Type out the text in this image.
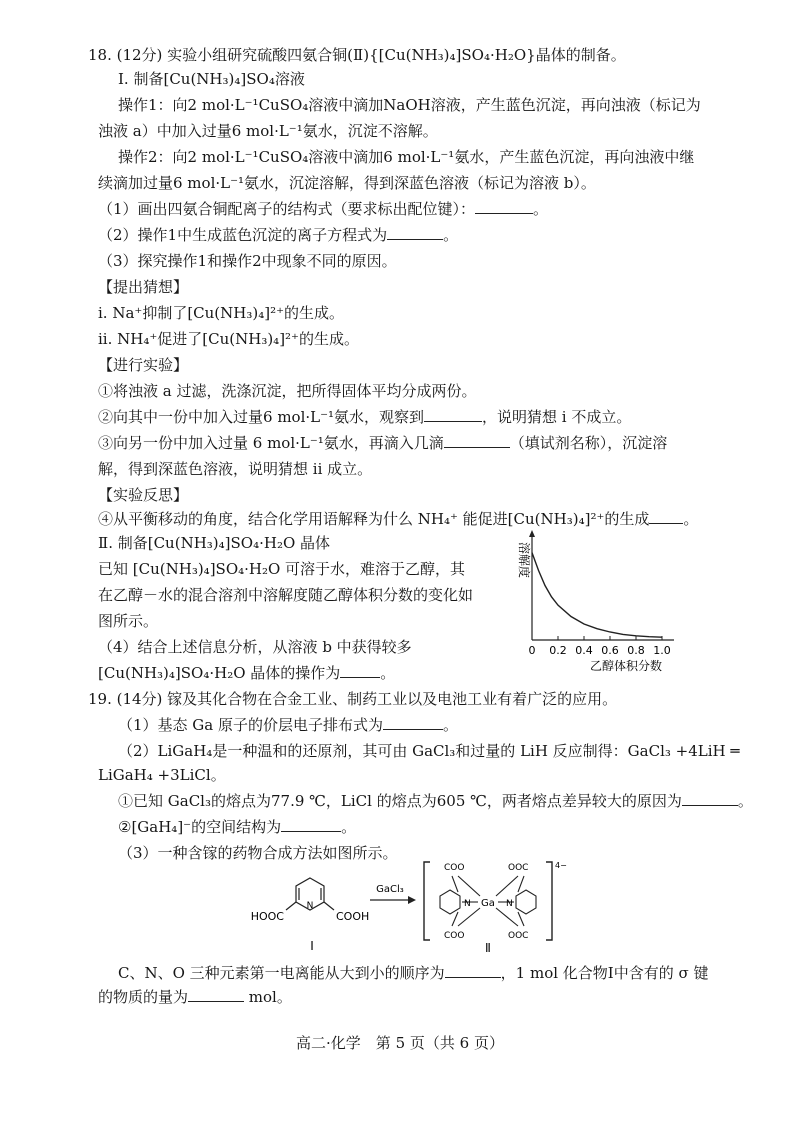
18. (12分) 实验小组研究硫酸四氨合铜(Ⅱ){[Cu(NH₃)₄]SO₄·H₂O}晶体的制备。
Ⅰ. 制备[Cu(NH₃)₄]SO₄溶液
操作1：向2 mol·L⁻¹CuSO₄溶液中滴加NaOH溶液，产生蓝色沉淀，再向浊液（标记为
浊液 a）中加入过量6 mol·L⁻¹氨水，沉淀不溶解。
操作2：向2 mol·L⁻¹CuSO₄溶液中滴加6 mol·L⁻¹氨水，产生蓝色沉淀，再向浊液中继
续滴加过量6 mol·L⁻¹氨水，沉淀溶解，得到深蓝色溶液（标记为溶液 b）。
（1）画出四氨合铜配离子的结构式（要求标出配位键）：	。
（2）操作1中生成蓝色沉淀的离子方程式为	。
（3）探究操作1和操作2中现象不同的原因。
【提出猜想】
i. Na⁺抑制了[Cu(NH₃)₄]²⁺的生成。
ii. NH₄⁺促进了[Cu(NH₃)₄]²⁺的生成。
【进行实验】
①将浊液 a 过滤，洗涤沉淀，把所得固体平均分成两份。
②向其中一份中加入过量6 mol·L⁻¹氨水，观察到	，说明猜想 i 不成立。
③向另一份中加入过量 6 mol·L⁻¹氨水，再滴入几滴	（填试剂名称），沉淀溶
解，得到深蓝色溶液，说明猜想 ii 成立。
【实验反思】
④从平衡移动的角度，结合化学用语解释为什么 NH₄⁺ 能促进[Cu(NH₃)₄]²⁺的生成 。
Ⅱ. 制备[Cu(NH₃)₄]SO₄·H₂O 晶体
已知 [Cu(NH₃)₄]SO₄·H₂O 可溶于水，难溶于乙醇，其
在乙醇－水的混合溶剂中溶解度随乙醇体积分数的变化如
图所示。
（4）结合上述信息分析，从溶液 b 中获得较多
[Cu(NH₃)₄]SO₄·H₂O 晶体的操作为	。
溶解度
乙醇体积分数
0 0.2 0.4 0.6 0.8 1.0
19. (14分) 镓及其化合物在合金工业、制药工业以及电池工业有着广泛的应用。
（1）基态 Ga 原子的价层电子排布式为	。
（2）LiGaH₄是一种温和的还原剂，其可由 GaCl₃和过量的 LiH 反应制得：GaCl₃ +4LiH ═
LiGaH₄ +3LiCl。
①已知 GaCl₃的熔点为77.9 ℃，LiCl 的熔点为605 ℃，两者熔点差异较大的原因为	。
②[GaH₄]⁻的空间结构为	。
（3）一种含镓的药物合成方法如图所示。
N
HOOC	COOH
Ⅰ
GaCl₃
4−
N	N
Ga
COO	OOC
COO	OOC
Ⅱ
C、N、O 三种元素第一电离能从大到小的顺序为	，1 mol 化合物Ⅰ中含有的 σ 键
的物质的量为	mol。
高二·化学　第 5 页（共 6 页）
